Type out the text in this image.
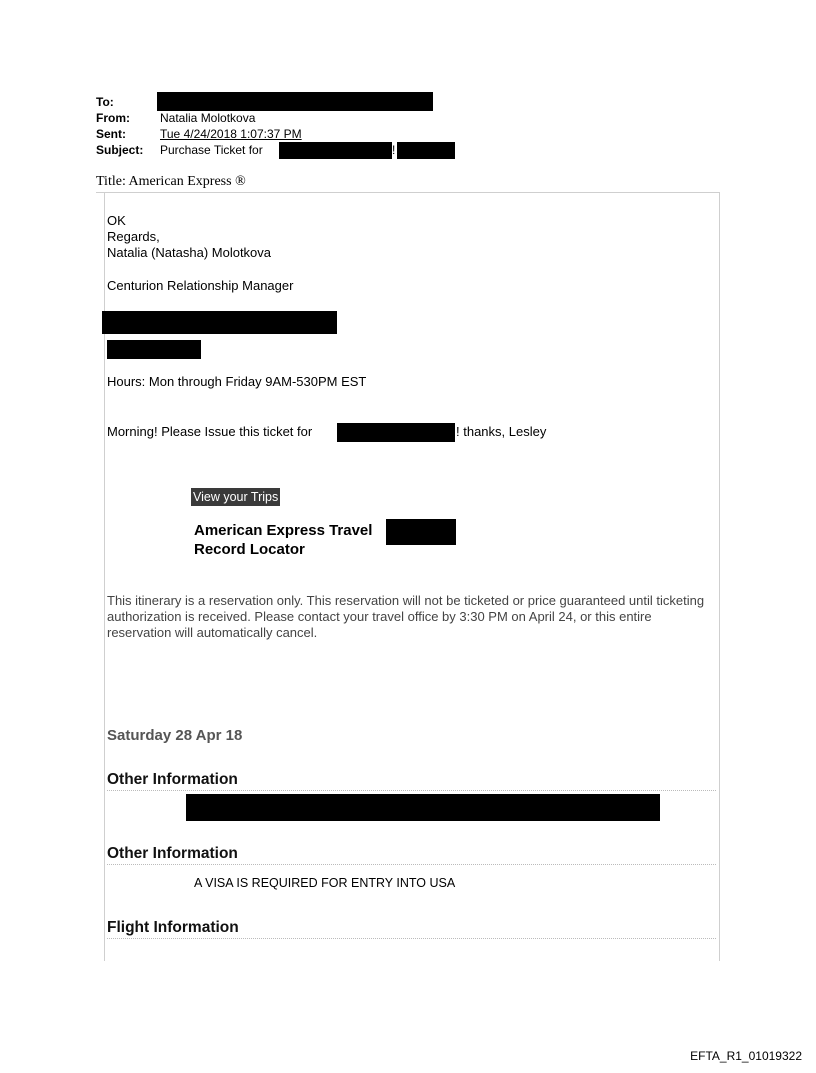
To:
From:	Natalia Molotkova
Sent:	Tue 4/24/2018 1:07:37 PM
Subject: Purchase Ticket for	!
Title: American Express ®
OK
Regards,
Natalia (Natasha) Molotkova
Centurion Relationship Manager
Hours: Mon through Friday 9AM-530PM EST
Morning! Please Issue this ticket for	! thanks, Lesley
View your Trips
American Express Travel
Record Locator
This itinerary is a reservation only. This reservation will not be ticketed or price guaranteed until ticketing authorization is received. Please contact your travel office by 3:30 PM on April 24, or this entire reservation will automatically cancel.
Saturday 28 Apr 18
Other Information
Other Information
A VISA IS REQUIRED FOR ENTRY INTO USA
Flight Information
EFTA_R1_01019322
